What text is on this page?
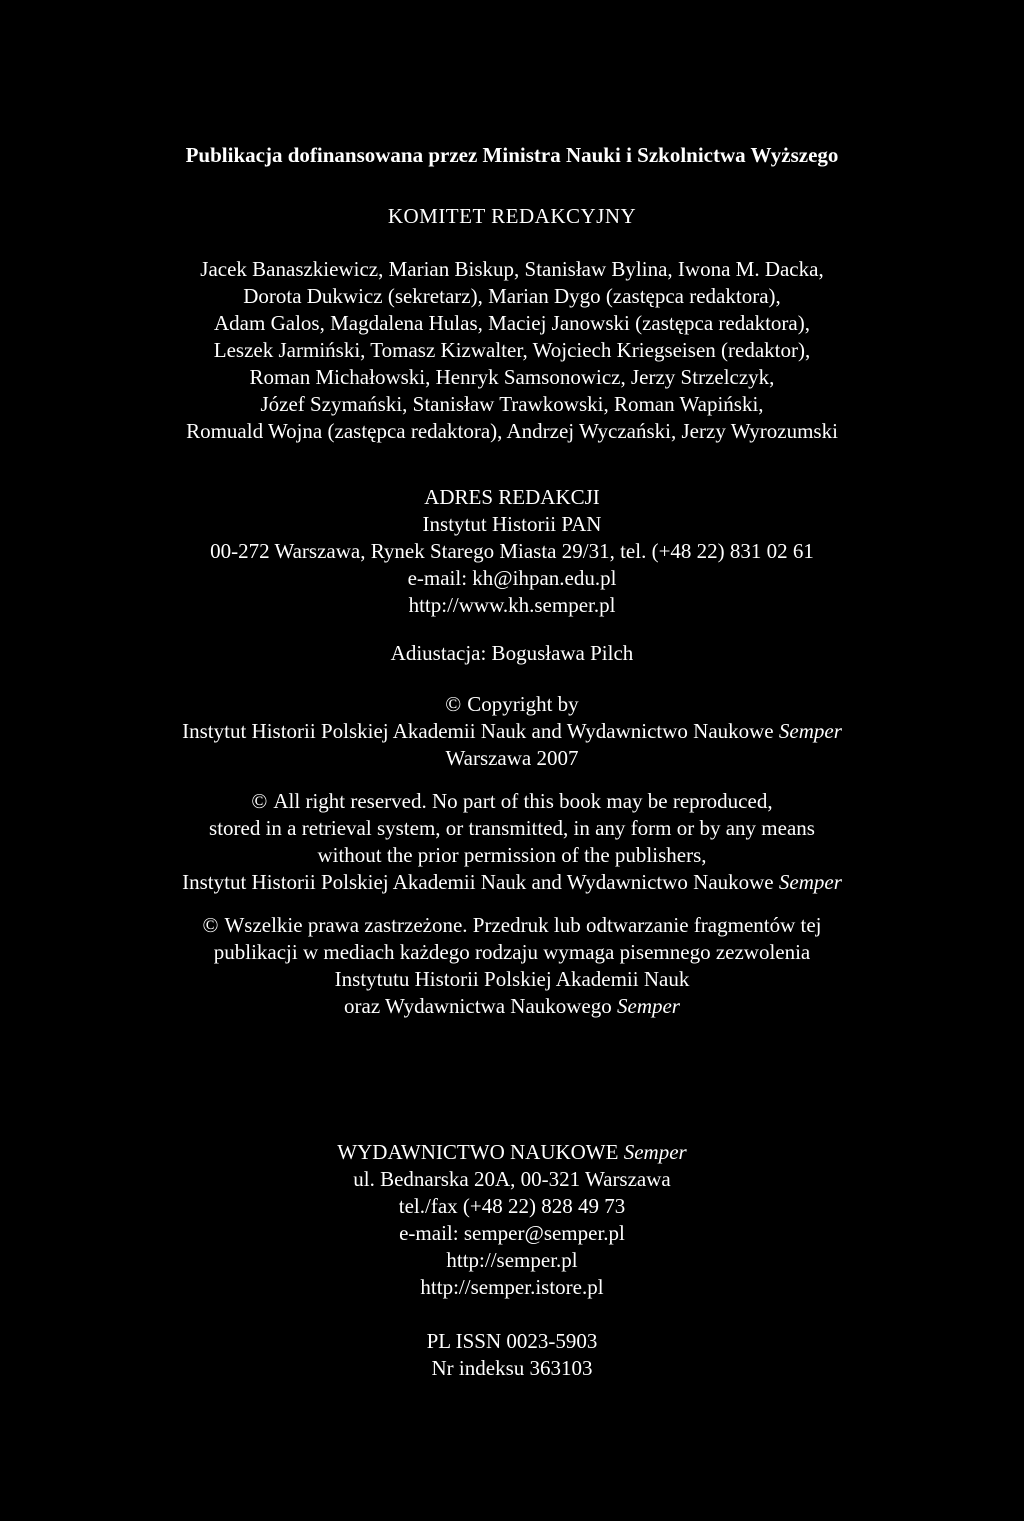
Publikacja dofinansowana przez Ministra Nauki i Szkolnictwa Wyższego
KOMITET REDAKCYJNY
Jacek Banaszkiewicz, Marian Biskup, Stanisław Bylina, Iwona M. Dacka,
Dorota Dukwicz (sekretarz), Marian Dygo (zastępca redaktora),
Adam Galos, Magdalena Hulas, Maciej Janowski (zastępca redaktora),
Leszek Jarmiński, Tomasz Kizwalter, Wojciech Kriegseisen (redaktor),
Roman Michałowski, Henryk Samsonowicz, Jerzy Strzelczyk,
Józef Szymański, Stanisław Trawkowski, Roman Wapiński,
Romuald Wojna (zastępca redaktora), Andrzej Wyczański, Jerzy Wyrozumski
ADRES REDAKCJI
Instytut Historii PAN
00-272 Warszawa, Rynek Starego Miasta 29/31, tel. (+48 22) 831 02 61
e-mail: kh@ihpan.edu.pl
http://www.kh.semper.pl
Adiustacja: Bogusława Pilch
© Copyright by
Instytut Historii Polskiej Akademii Nauk and Wydawnictwo Naukowe Semper
Warszawa 2007
© All right reserved. No part of this book may be reproduced,
stored in a retrieval system, or transmitted, in any form or by any means
without the prior permission of the publishers,
Instytut Historii Polskiej Akademii Nauk and Wydawnictwo Naukowe Semper
© Wszelkie prawa zastrzeżone. Przedruk lub odtwarzanie fragmentów tej
publikacji w mediach każdego rodzaju wymaga pisemnego zezwolenia
Instytutu Historii Polskiej Akademii Nauk
oraz Wydawnictwa Naukowego Semper
WYDAWNICTWO NAUKOWE Semper
ul. Bednarska 20A, 00-321 Warszawa
tel./fax (+48 22) 828 49 73
e-mail: semper@semper.pl
http://semper.pl
http://semper.istore.pl
PL ISSN 0023-5903
Nr indeksu 363103
